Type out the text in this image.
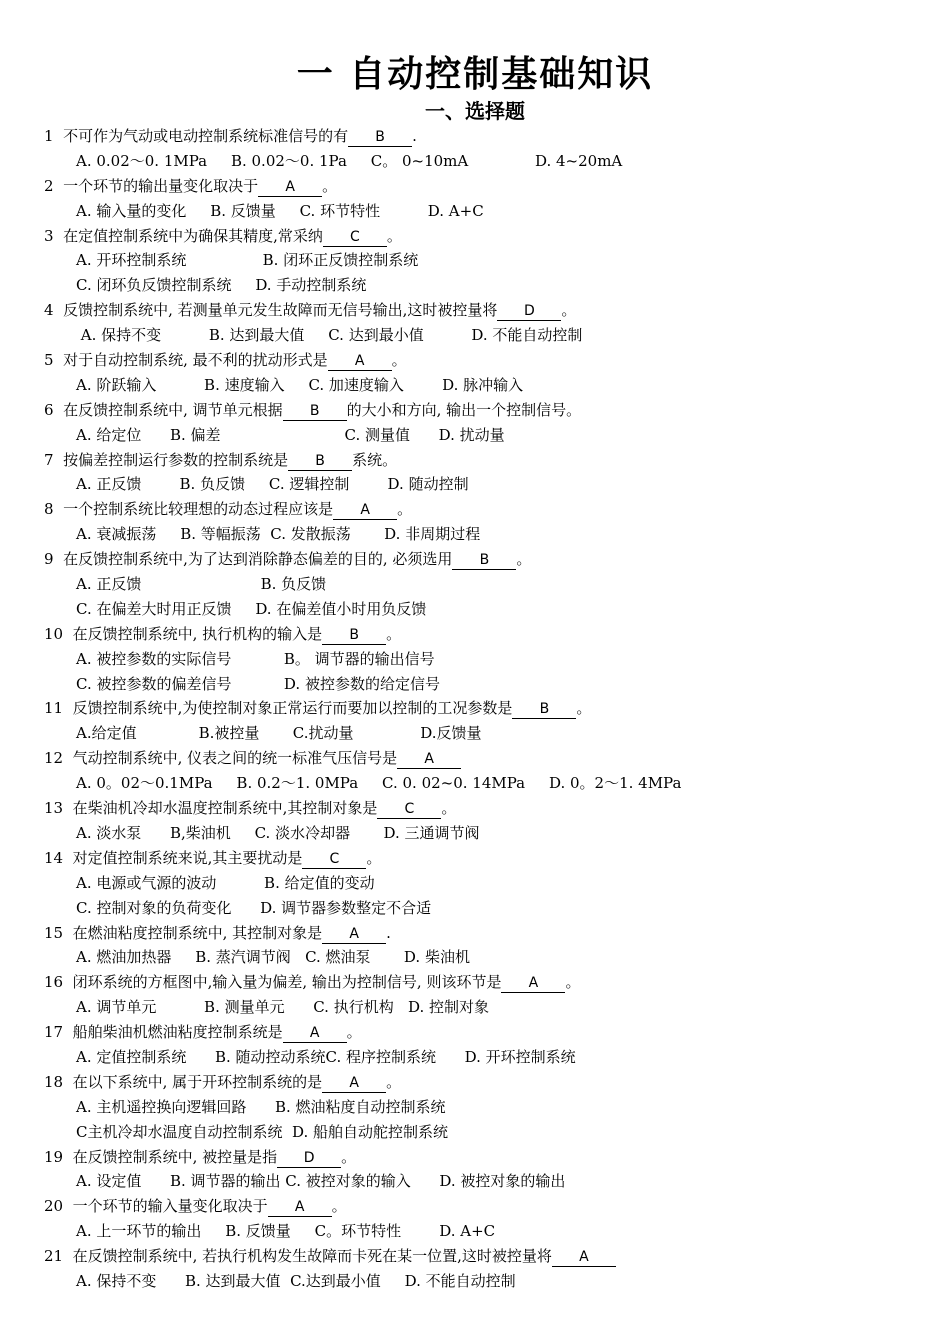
一 自动控制基础知识
一、选择题
1  不可作为气动或电动控制系统标准信号的有 B .
A. 0.02～0. 1MPa     B. 0.02～0. 1Pa     C。 0~10mA              D. 4~20mA
2  一个环节的输出量变化取决于 A 。
A. 输入量的变化     B. 反馈量     C. 环节特性          D. A+C
3  在定值控制系统中为确保其精度,常采纳 C 。
A. 开环控制系统                B. 闭环正反馈控制系统
C. 闭环负反馈控制系统     D. 手动控制系统
4  反馈控制系统中, 若测量单元发生故障而无信号输出,这时被控量将 D 。
A. 保持不变          B. 达到最大值     C. 达到最小值          D. 不能自动控制
5  对于自动控制系统, 最不利的扰动形式是 A 。
A. 阶跃输入          B. 速度输入     C. 加速度输入        D. 脉冲输入
6  在反馈控制系统中, 调节单元根据 B 的大小和方向, 输出一个控制信号。
A. 给定位      B. 偏差                          C. 测量值      D. 扰动量
7  按偏差控制运行参数的控制系统是 B 系统。
A. 正反馈        B. 负反馈     C. 逻辑控制        D. 随动控制
8  一个控制系统比较理想的动态过程应该是 A 。
A. 衰减振荡     B. 等幅振荡  C. 发散振荡       D. 非周期过程
9  在反馈控制系统中,为了达到消除静态偏差的目的, 必须选用 B 。
A. 正反馈                         B. 负反馈
C. 在偏差大时用正反馈     D. 在偏差值小时用负反馈
10  在反馈控制系统中, 执行机构的输入是 B 。
A. 被控参数的实际信号           B。 调节器的输出信号
C. 被控参数的偏差信号           D. 被控参数的给定信号
11  反馈控制系统中,为使控制对象正常运行而要加以控制的工况参数是 B 。
A.给定值             B.被控量       C.扰动量              D.反馈量
12  气动控制系统中, 仪表之间的统一标准气压信号是 A
A. 0。02～0.1MPa     B. 0.2～1. 0MPa     C. 0. 02~0. 14MPa     D. 0。2～1. 4MPa
13  在柴油机冷却水温度控制系统中,其控制对象是 C 。
A. 淡水泵      B,柴油机     C. 淡水冷却器       D. 三通调节阀
14  对定值控制系统来说,其主要扰动是 C 。
A. 电源或气源的波动          B. 给定值的变动
C. 控制对象的负荷变化      D. 调节器参数整定不合适
15  在燃油粘度控制系统中, 其控制对象是 A .
A. 燃油加热器     B. 蒸汽调节阀   C. 燃油泵       D. 柴油机
16  闭环系统的方框图中,输入量为偏差, 输出为控制信号, 则该环节是 A 。
A. 调节单元          B. 测量单元      C. 执行机构   D. 控制对象
17  船舶柴油机燃油粘度控制系统是 A 。
A. 定值控制系统      B. 随动控动系统C. 程序控制系统      D. 开环控制系统
18  在以下系统中, 属于开环控制系统的是 A 。
A. 主机遥控换向逻辑回路      B. 燃油粘度自动控制系统
C主机冷却水温度自动控制系统  D. 船舶自动舵控制系统
19  在反馈控制系统中, 被控量是指 D 。
A. 设定值      B. 调节器的输出 C. 被控对象的输入      D. 被控对象的输出
20  一个环节的输入量变化取决于 A 。
A. 上一环节的输出     B. 反馈量     C。环节特性        D. A+C
21  在反馈控制系统中, 若执行机构发生故障而卡死在某一位置,这时被控量将 A
A. 保持不变      B. 达到最大值  C.达到最小值     D. 不能自动控制
